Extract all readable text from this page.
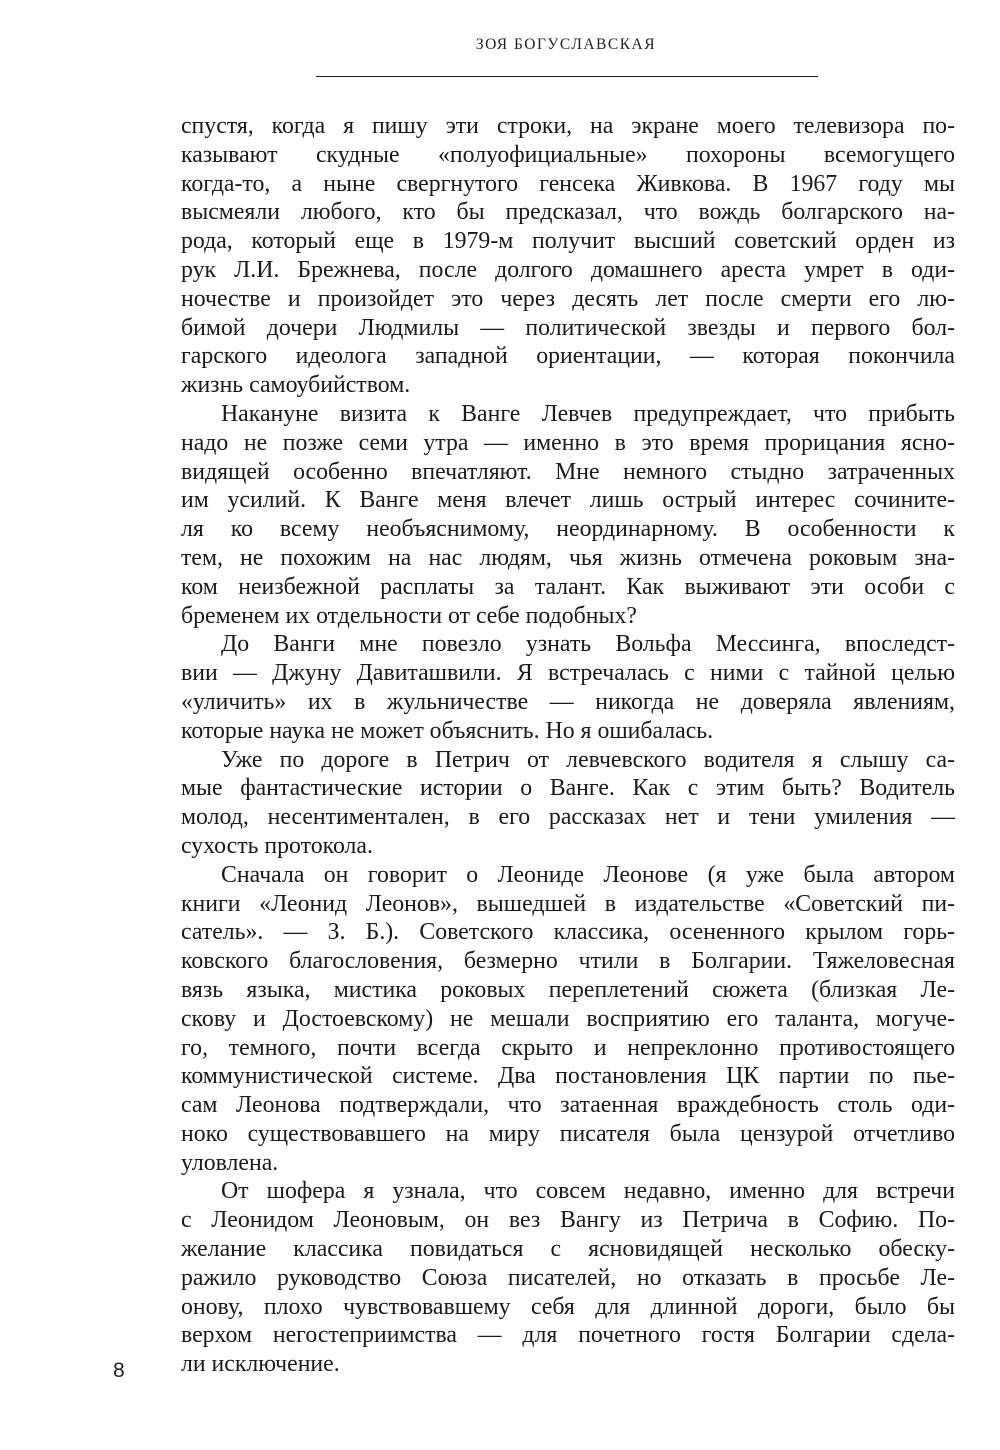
ЗОЯ БОГУСЛАВСКАЯ

спустя, когда я пишу эти строки, на экране моего телевизора по-
казывают скудные «полуофициальные» похороны всемогущего
когда-то, а ныне свергнутого генсека Живкова. В 1967 году мы
высмеяли любого, кто бы предсказал, что вождь болгарского на-
рода, который еще в 1979-м получит высший советский орден из
рук Л.И. Брежнева, после долгого домашнего ареста умрет в оди-
ночестве и произойдет это через десять лет после смерти его лю-
бимой дочери Людмилы — политической звезды и первого бол-
гарского идеолога западной ориентации, — которая покончила
жизнь самоубийством.

Накануне визита к Ванге Левчев предупреждает, что прибыть
надо не позже семи утра — именно в это время прорицания ясно-
видящей особенно впечатляют. Мне немного стыдно затраченных
им усилий. К Ванге меня влечет лишь острый интерес сочините-
ля ко всему необъяснимому, неординарному. В особенности к
тем, не похожим на нас людям, чья жизнь отмечена роковым зна-
ком неизбежной расплаты за талант. Как выживают эти особи с
бременем их отдельности от себе подобных?

До Ванги мне повезло узнать Вольфа Мессинга, впоследст-
вии — Джуну Давиташвили. Я встречалась с ними с тайной целью
«уличить» их в жульничестве — никогда не доверяла явлениям,
которые наука не может объяснить. Но я ошибалась.

Уже по дороге в Петрич от левчевского водителя я слышу са-
мые фантастические истории о Ванге. Как с этим быть? Водитель
молод, несентиментален, в его рассказах нет и тени умиления —
сухость протокола.

Сначала он говорит о Леониде Леонове (я уже была автором
книги «Леонид Леонов», вышедшей в издательстве «Советский пи-
сатель». — З. Б.). Советского классика, осененного крылом горь-
ковского благословения, безмерно чтили в Болгарии. Тяжеловесная
вязь языка, мистика роковых переплетений сюжета (близкая Ле-
скову и Достоевскому) не мешали восприятию его таланта, могуче-
го, темного, почти всегда скрыто и непреклонно противостоящего
коммунистической системе. Два постановления ЦК партии по пье-
сам Леонова подтверждали, что затаенная враждебность столь оди-
ноко существовавшего на миру писателя была цензурой отчетливо
уловлена.

От шофера я узнала, что совсем недавно, именно для встречи
с Леонидом Леоновым, он вез Вангу из Петрича в Софию. По-
желание классика повидаться с ясновидящей несколько обеску-
ражило руководство Союза писателей, но отказать в просьбе Ле-
онову, плохо чувствовавшему себя для длинной дороги, было бы
верхом негостеприимства — для почетного гостя Болгарии сдела-
ли исключение.

8
